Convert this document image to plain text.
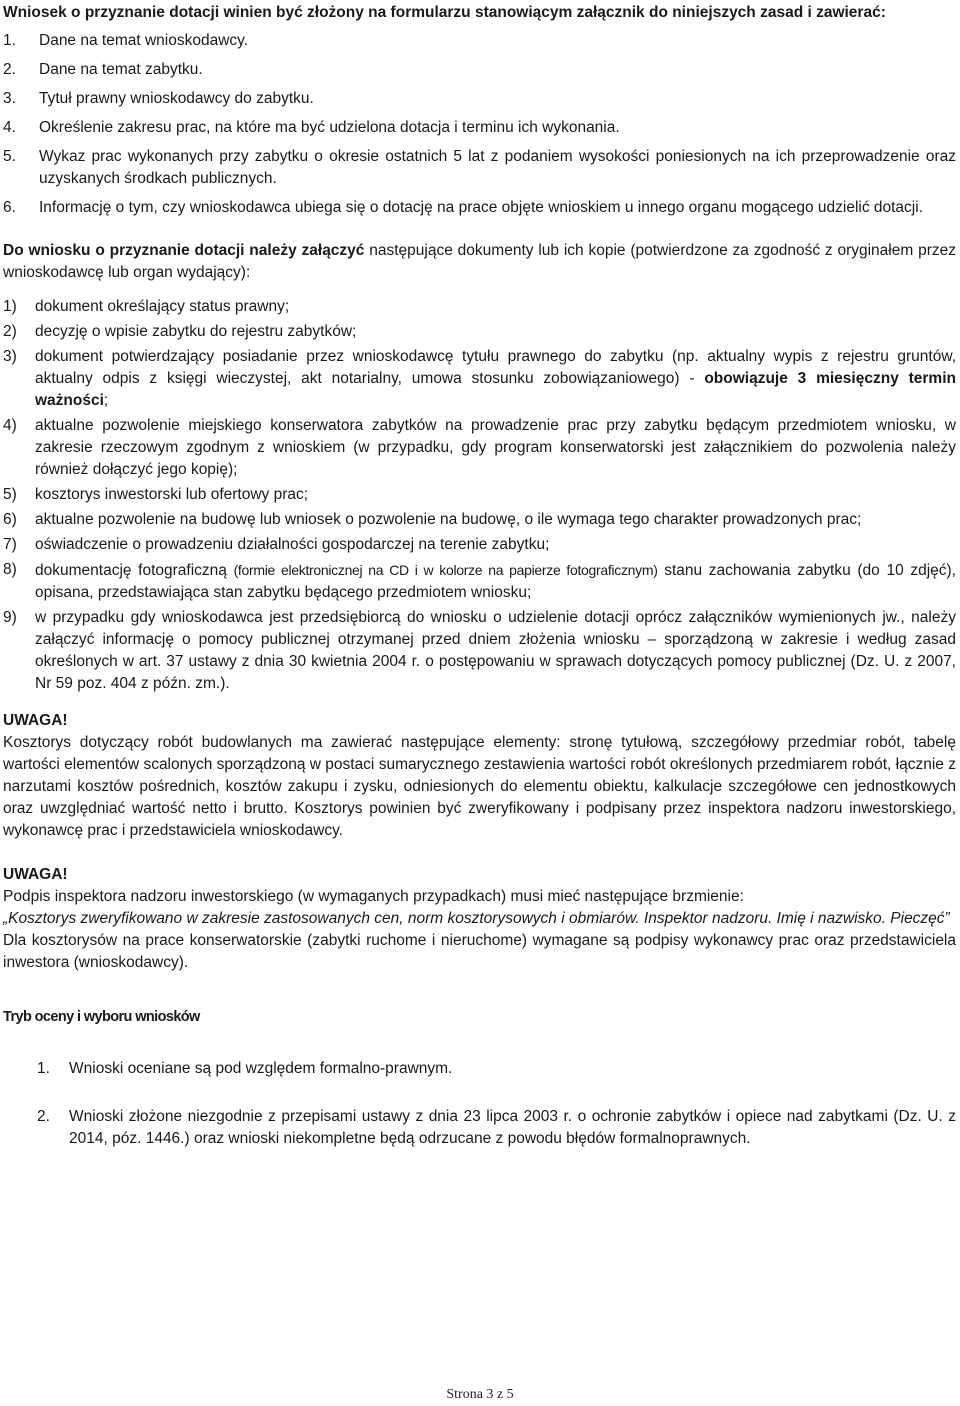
Wniosek o przyznanie dotacji winien być złożony na formularzu stanowiącym załącznik do niniejszych zasad i zawierać:

1. Dane na temat wnioskodawcy.
2. Dane na temat zabytku.
3. Tytuł prawny wnioskodawcy do zabytku.
4. Określenie zakresu prac, na które ma być udzielona dotacja i terminu ich wykonania.
5. Wykaz prac wykonanych przy zabytku o okresie ostatnich 5 lat z podaniem wysokości poniesionych na ich przeprowadzenie oraz uzyskanych środkach publicznych.
6. Informację o tym, czy wnioskodawca ubiega się o dotację na prace objęte wnioskiem u innego organu mogącego udzielić dotacji.

Do wniosku o przyznanie dotacji należy załączyć następujące dokumenty lub ich kopie (potwierdzone za zgodność z oryginałem przez wnioskodawcę lub organ wydający):

1) dokument określający status prawny;
2) decyzję o wpisie zabytku do rejestru zabytków;
3) dokument potwierdzający posiadanie przez wnioskodawcę tytułu prawnego do zabytku (np. aktualny wypis z rejestru gruntów, aktualny odpis z księgi wieczystej, akt notarialny, umowa stosunku zobowiązaniowego) - obowiązuje 3 miesięczny termin ważności;
4) aktualne pozwolenie miejskiego konserwatora zabytków na prowadzenie prac przy zabytku będącym przedmiotem wniosku, w zakresie rzeczowym zgodnym z wnioskiem (w przypadku, gdy program konserwatorski jest załącznikiem do pozwolenia należy również dołączyć jego kopię);
5) kosztorys inwestorski lub ofertowy prac;
6) aktualne pozwolenie na budowę lub wniosek o pozwolenie na budowę, o ile wymaga tego charakter prowadzonych prac;
7) oświadczenie o prowadzeniu działalności gospodarczej na terenie zabytku;
8) dokumentację fotograficzną (formie elektronicznej na CD i w kolorze na papierze fotograficznym) stanu zachowania zabytku (do 10 zdjęć), opisana, przedstawiająca stan zabytku będącego przedmiotem wniosku;
9) w przypadku gdy wnioskodawca jest przedsiębiorcą do wniosku o udzielenie dotacji oprócz załączników wymienionych jw., należy załączyć informację o pomocy publicznej otrzymanej przed dniem złożenia wniosku – sporządzoną w zakresie i według zasad określonych w art. 37 ustawy z dnia 30 kwietnia 2004 r. o postępowaniu w sprawach dotyczących pomocy publicznej (Dz. U. z 2007, Nr 59 poz. 404 z późn. zm.).

UWAGA!

Kosztorys dotyczący robót budowlanych ma zawierać następujące elementy: stronę tytułową, szczegółowy przedmiar robót, tabelę wartości elementów scalonych sporządzoną w postaci sumarycznego zestawienia wartości robót określonych przedmiarem robót, łącznie z narzutami kosztów pośrednich, kosztów zakupu i zysku, odniesionych do elementu obiektu, kalkulacje szczegółowe cen jednostkowych oraz uwzględniać wartość netto i brutto. Kosztorys powinien być zweryfikowany i podpisany przez inspektora nadzoru inwestorskiego, wykonawcę prac i przedstawiciela wnioskodawcy.

UWAGA!

Podpis inspektora nadzoru inwestorskiego (w wymaganych przypadkach) musi mieć następujące brzmienie:

„Kosztorys zweryfikowano w zakresie zastosowanych cen, norm kosztorysowych i obmiarów. Inspektor nadzoru. Imię i nazwisko. Pieczęć”

Dla kosztorysów na prace konserwatorskie (zabytki ruchome i nieruchome) wymagane są podpisy wykonawcy prac oraz przedstawiciela inwestora (wnioskodawcy).

Tryb oceny i wyboru wniosków

1. Wnioski oceniane są pod względem formalno-prawnym.
2. Wnioski złożone niezgodnie z przepisami ustawy z dnia 23 lipca 2003 r. o ochronie zabytków i opiece nad zabytkami (Dz. U. z 2014, póz. 1446.) oraz wnioski niekompletne będą odrzucane z powodu błędów formalnoprawnych.
Strona 3 z 5
